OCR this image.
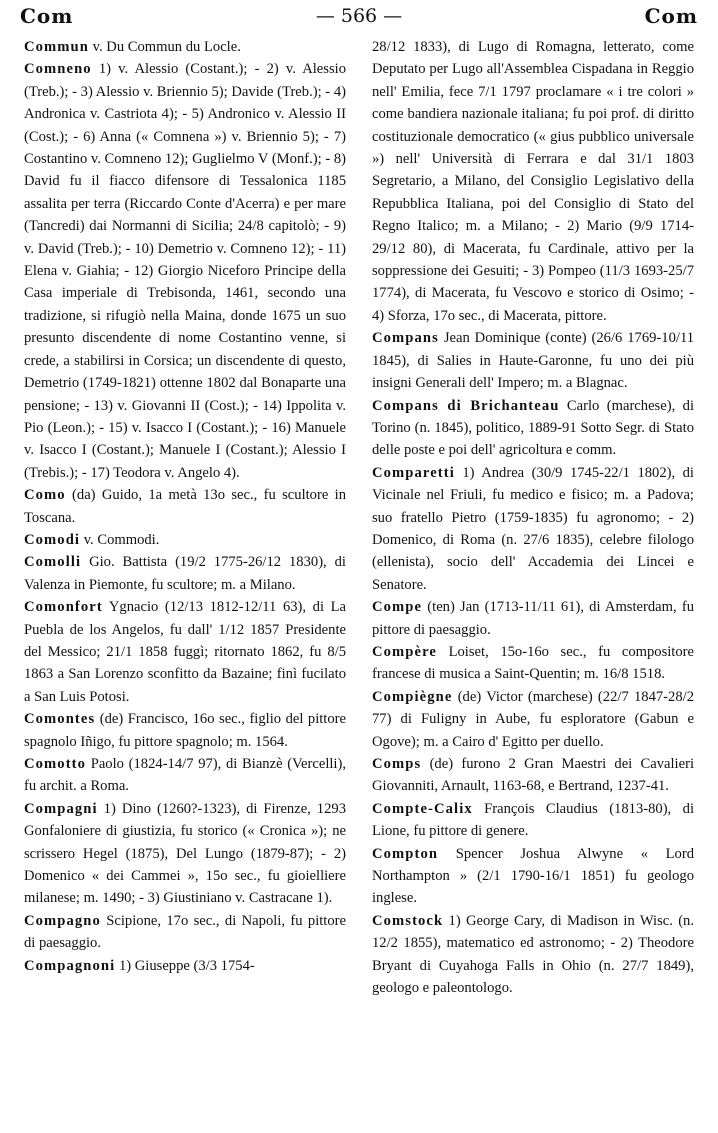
Com	— 566 —	Com

Commun v. Du Commun du Locle.

Comneno 1) v. Alessio (Costant.); - 2) v. Alessio (Treb.); - 3) Alessio v. Briennio 5); Davide (Treb.); - 4) Andronica v. Castriota 4); - 5) Andronico v. Alessio II (Cost.); - 6) Anna (« Comnena ») v. Briennio 5); - 7) Costantino v. Comneno 12); Guglielmo V (Monf.); - 8) David fu il fiacco difensore di Tessalonica 1185 assalita per terra (Riccardo Conte d'Acerra) e per mare (Tancredi) dai Normanni di Sicilia; 24/8 capitolò; - 9) v. David (Treb.); - 10) Demetrio v. Comneno 12); - 11) Elena v. Giahia; - 12) Giorgio Niceforo Principe della Casa imperiale di Trebisonda, 1461, secondo una tradizione, si rifugiò nella Maina, donde 1675 un suo presunto discendente di nome Costantino venne, si crede, a stabilirsi in Corsica; un discendente di questo, Demetrio (1749-1821) ottenne 1802 dal Bonaparte una pensione; - 13) v. Giovanni II (Cost.); - 14) Ippolita v. Pio (Leon.); - 15) v. Isacco I (Costant.); - 16) Manuele v. Isacco I (Costant.); Manuele I (Costant.); Alessio I (Trebis.); - 17) Teodora v. Angelo 4).

Como (da) Guido, 1a metà 13o sec., fu scultore in Toscana.

Comodi v. Commodi.

Comolli Gio. Battista (19/2 1775-26/12 1830), di Valenza in Piemonte, fu scultore; m. a Milano.

Comonfort Ygnacio (12/13 1812-12/11 63), di La Puebla de los Angelos, fu dall' 1/12 1857 Presidente del Messico; 21/1 1858 fuggì; ritornato 1862, fu 8/5 1863 a San Lorenzo sconfitto da Bazaine; finì fucilato a San Luis Potosi.

Comontes (de) Francisco, 16o sec., figlio del pittore spagnolo Iñigo, fu pittore spagnolo; m. 1564.

Comotto Paolo (1824-14/7 97), di Bianzè (Vercelli), fu archit. a Roma.

Compagni 1) Dino (1260?-1323), di Firenze, 1293 Gonfaloniere di giustizia, fu storico (« Cronica »); ne scrissero Hegel (1875), Del Lungo (1879-87); - 2) Domenico « dei Cammei », 15o sec., fu gioielliere milanese; m. 1490; - 3) Giustiniano v. Castracane 1).

Compagno Scipione, 17o sec., di Napoli, fu pittore di paesaggio.

Compagnoni 1) Giuseppe (3/3 1754-

28/12 1833), di Lugo di Romagna, letterato, come Deputato per Lugo all'Assemblea Cispadana in Reggio nell' Emilia, fece 7/1 1797 proclamare « i tre colori » come bandiera nazionale italiana; fu poi prof. di diritto costituzionale democratico (« gius pubblico universale ») nell' Università di Ferrara e dal 31/1 1803 Segretario, a Milano, del Consiglio Legislativo della Repubblica Italiana, poi del Consiglio di Stato del Regno Italico; m. a Milano; - 2) Mario (9/9 1714-29/12 80), di Macerata, fu Cardinale, attivo per la soppressione dei Gesuiti; - 3) Pompeo (11/3 1693-25/7 1774), di Macerata, fu Vescovo e storico di Osimo; - 4) Sforza, 17o sec., di Macerata, pittore.

Compans Jean Dominique (conte) (26/6 1769-10/11 1845), di Salies in Haute-Garonne, fu uno dei più insigni Generali dell' Impero; m. a Blagnac.

Compans di Brichanteau Carlo (marchese), di Torino (n. 1845), politico, 1889-91 Sotto Segr. di Stato delle poste e poi dell' agricoltura e comm.

Comparetti 1) Andrea (30/9 1745-22/1 1802), di Vicinale nel Friuli, fu medico e fisico; m. a Padova; suo fratello Pietro (1759-1835) fu agronomo; - 2) Domenico, di Roma (n. 27/6 1835), celebre filologo (ellenista), socio dell' Accademia dei Lincei e Senatore.

Compe (ten) Jan (1713-11/11 61), di Amsterdam, fu pittore di paesaggio.

Compère Loiset, 15o-16o sec., fu compositore francese di musica a Saint-Quentin; m. 16/8 1518.

Compiègne (de) Victor (marchese) (22/7 1847-28/2 77) di Fuligny in Aube, fu esploratore (Gabun e Ogove); m. a Cairo d' Egitto per duello.

Comps (de) furono 2 Gran Maestri dei Cavalieri Giovanniti, Arnault, 1163-68, e Bertrand, 1237-41.

Compte-Calix François Claudius (1813-80), di Lione, fu pittore di genere.

Compton Spencer Joshua Alwyne « Lord Northampton » (2/1 1790-16/1 1851) fu geologo inglese.

Comstock 1) George Cary, di Madison in Wisc. (n. 12/2 1855), matematico ed astronomo; - 2) Theodore Bryant di Cuyahoga Falls in Ohio (n. 27/7 1849), geologo e paleontologo.
